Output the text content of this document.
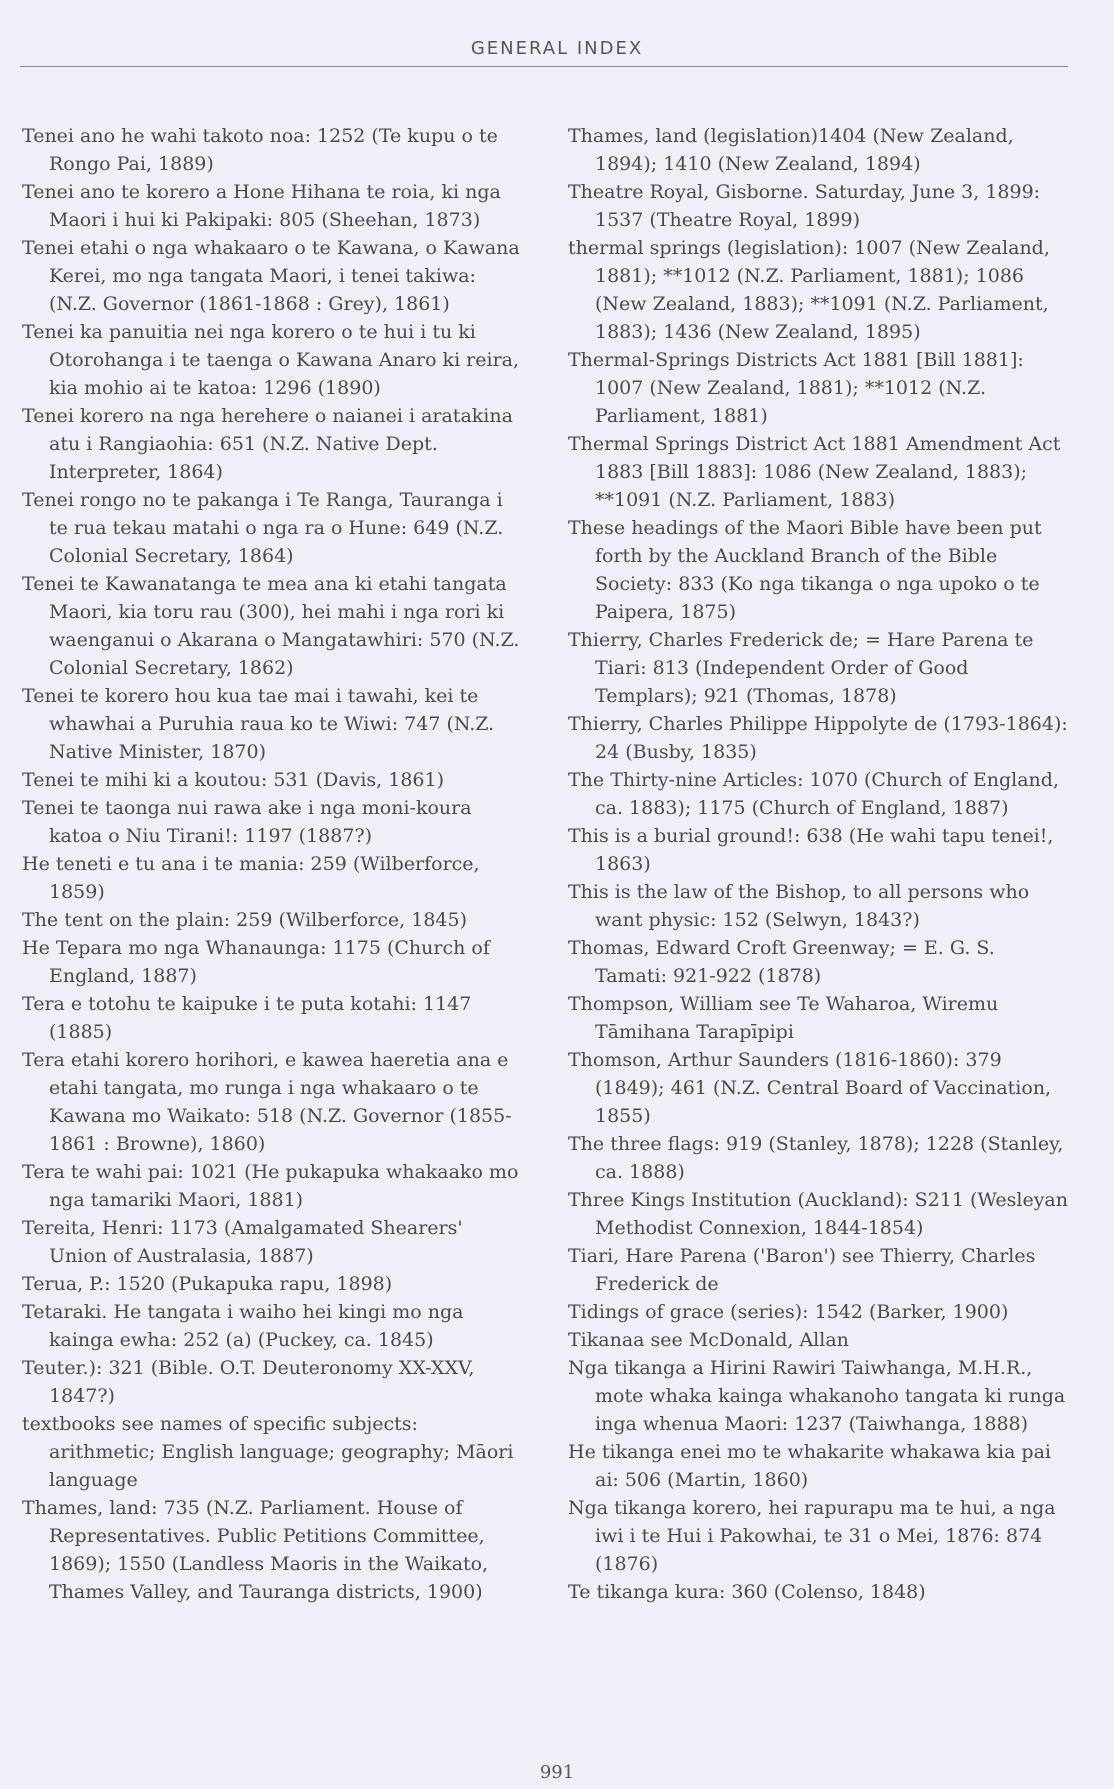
GENERAL INDEX
Tenei ano he wahi takoto noa: 1252 (Te kupu o te Rongo Pai, 1889)
Tenei ano te korero a Hone Hihana te roia, ki nga Maori i hui ki Pakipaki: 805 (Sheehan, 1873)
Tenei etahi o nga whakaaro o te Kawana, o Kawana Kerei, mo nga tangata Maori, i tenei takiwa: (N.Z. Governor (1861-1868 : Grey), 1861)
Tenei ka panuitia nei nga korero o te hui i tu ki Otorohanga i te taenga o Kawana Anaro ki reira, kia mohio ai te katoa: 1296 (1890)
Tenei korero na nga herehere o naianei i aratakina atu i Rangiaohia: 651 (N.Z. Native Dept. Interpreter, 1864)
Tenei rongo no te pakanga i Te Ranga, Tauranga i te rua tekau matahi o nga ra o Hune: 649 (N.Z. Colonial Secretary, 1864)
Tenei te Kawanatanga te mea ana ki etahi tangata Maori, kia toru rau (300), hei mahi i nga rori ki waenganui o Akarana o Mangatawhiri: 570 (N.Z. Colonial Secretary, 1862)
Tenei te korero hou kua tae mai i tawahi, kei te whawhai a Puruhia raua ko te Wiwi: 747 (N.Z. Native Minister, 1870)
Tenei te mihi ki a koutou: 531 (Davis, 1861)
Tenei te taonga nui rawa ake i nga moni-koura katoa o Niu Tirani!: 1197 (1887?)
He teneti e tu ana i te mania: 259 (Wilberforce, 1859)
The tent on the plain: 259 (Wilberforce, 1845)
He Tepara mo nga Whanaunga: 1175 (Church of England, 1887)
Tera e totohu te kaipuke i te puta kotahi: 1147 (1885)
Tera etahi korero horihori, e kawea haeretia ana e etahi tangata, mo runga i nga whakaaro o te Kawana mo Waikato: 518 (N.Z. Governor (1855-1861 : Browne), 1860)
Tera te wahi pai: 1021 (He pukapuka whakaako mo nga tamariki Maori, 1881)
Tereita, Henri: 1173 (Amalgamated Shearers' Union of Australasia, 1887)
Terua, P.: 1520 (Pukapuka rapu, 1898)
Tetaraki. He tangata i waiho hei kingi mo nga kainga ewha: 252 (a) (Puckey, ca. 1845)
Teuter.): 321 (Bible. O.T. Deuteronomy XX-XXV, 1847?)
textbooks see names of specific subjects: arithmetic; English language; geography; Māori language
Thames, land: 735 (N.Z. Parliament. House of Representatives. Public Petitions Committee, 1869); 1550 (Landless Maoris in the Waikato, Thames Valley, and Tauranga districts, 1900)
Thames, land (legislation)1404 (New Zealand, 1894); 1410 (New Zealand, 1894)
Theatre Royal, Gisborne. Saturday, June 3, 1899: 1537 (Theatre Royal, 1899)
thermal springs (legislation): 1007 (New Zealand, 1881); **1012 (N.Z. Parliament, 1881); 1086 (New Zealand, 1883); **1091 (N.Z. Parliament, 1883); 1436 (New Zealand, 1895)
Thermal-Springs Districts Act 1881 [Bill 1881]: 1007 (New Zealand, 1881); **1012 (N.Z. Parliament, 1881)
Thermal Springs District Act 1881 Amendment Act 1883 [Bill 1883]: 1086 (New Zealand, 1883); **1091 (N.Z. Parliament, 1883)
These headings of the Maori Bible have been put forth by the Auckland Branch of the Bible Society: 833 (Ko nga tikanga o nga upoko o te Paipera, 1875)
Thierry, Charles Frederick de; = Hare Parena te Tiari: 813 (Independent Order of Good Templars); 921 (Thomas, 1878)
Thierry, Charles Philippe Hippolyte de (1793-1864): 24 (Busby, 1835)
The Thirty-nine Articles: 1070 (Church of England, ca. 1883); 1175 (Church of England, 1887)
This is a burial ground!: 638 (He wahi tapu tenei!, 1863)
This is the law of the Bishop, to all persons who want physic: 152 (Selwyn, 1843?)
Thomas, Edward Croft Greenway; = E. G. S. Tamati: 921-922 (1878)
Thompson, William see Te Waharoa, Wiremu Tāmihana Tarapīpipi
Thomson, Arthur Saunders (1816-1860): 379 (1849); 461 (N.Z. Central Board of Vaccination, 1855)
The three flags: 919 (Stanley, 1878); 1228 (Stanley, ca. 1888)
Three Kings Institution (Auckland): S211 (Wesleyan Methodist Connexion, 1844-1854)
Tiari, Hare Parena ('Baron') see Thierry, Charles Frederick de
Tidings of grace (series): 1542 (Barker, 1900)
Tikanaa see McDonald, Allan
Nga tikanga a Hirini Rawiri Taiwhanga, M.H.R., mote whaka kainga whakanoho tangata ki runga inga whenua Maori: 1237 (Taiwhanga, 1888)
He tikanga enei mo te whakarite whakawa kia pai ai: 506 (Martin, 1860)
Nga tikanga korero, hei rapurapu ma te hui, a nga iwi i te Hui i Pakowhai, te 31 o Mei, 1876: 874 (1876)
Te tikanga kura: 360 (Colenso, 1848)
991
